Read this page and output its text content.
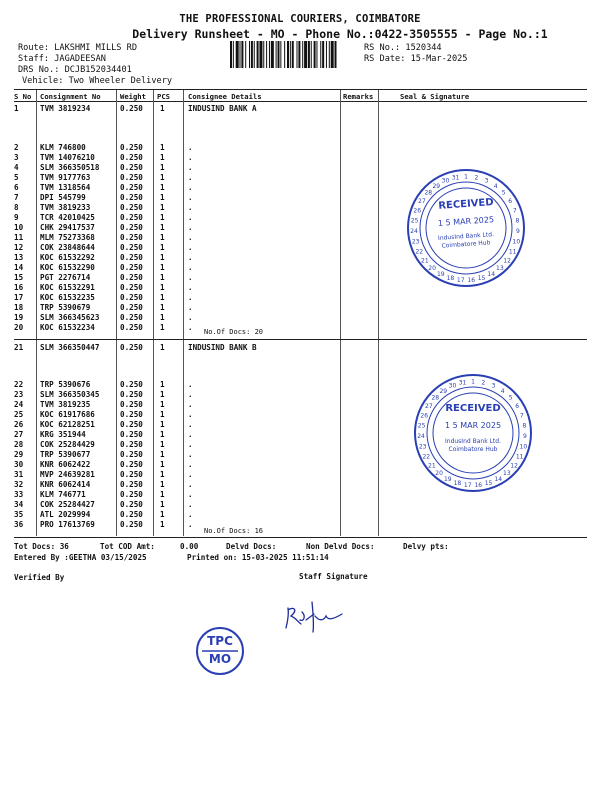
THE PROFESSIONAL COURIERS, COIMBATORE
Delivery Runsheet - MO - Phone No.:0422-3505555 - Page No.:1
Route: LAKSHMI MILLS RD
Staff: JAGADEESAN
DRS No.: DCJB152034401
Vehicle: Two Wheeler Delivery
RS No.: 1520344
RS Date: 15-Mar-2025
S No Consignment No	Weight PCS	Consignee Details	Remarks	Seal & Signature
1	TVM 3819234	0.250 1	INDUSIND BANK A
2	KLM 746800	0.250 1	.
3	TVM 14076210	0.250 1	.
4	SLM 366350518	0.250 1	.
5	TVM 9177763	0.250 1	.
6	TVM 1318564	0.250 1	.
7	DPI 545799	0.250 1	.
8	TVM 3819233	0.250 1	.
9	TCR 42010425	0.250 1	.
10 CHK 29417537	0.250 1	.
11 MLM 75273368	0.250 1	.
12 COK 23848644	0.250 1	.
13 KOC 61532292	0.250 1	.
14 KOC 61532290	0.250 1	.
15 PGT 2276714	0.250 1	.
16 KOC 61532291	0.250 1	.
17 KOC 61532235	0.250 1	.
18 TRP 5390679	0.250 1	.
19 SLM 366345623	0.250 1	.
20 KOC 61532234	0.250 1	. No.Of Docs: 20
21 SLM 366350447	0.250 1	INDUSIND BANK B
22 TRP 5390676	0.250 1	.
23 SLM 366350345	0.250 1	.
24 TVM 3819235	0.250 1	.
25 KOC 61917686	0.250 1	.
26 KOC 62128251	0.250 1	.
27 KRG 351944	0.250 1	.
28 COK 25284429	0.250 1	.
29 TRP 5390677	0.250 1	.
30 KNR 6062422	0.250 1	.
31 MVP 24639281	0.250 1	.
32 KNR 6062414	0.250 1	.
33 KLM 746771	0.250 1	.
34 COK 25284427	0.250 1	.
35 ATL 2029994	0.250 1	.
36 PRO 17613769	0.250 1	.
No.Of Docs: 16
Tot Docs: 36	Tot COD Amt:	0.00	Delvd Docs:	Non Delvd Docs:	Delvy pts:
Entered By :GEETHA 03/15/2025	Printed on: 15-03-2025 11:51:14
Verified By	Staff Signature
TPC
MO
1 2 3
4
5
6
7
8
9
10
11
12
13
14
15
16
17
18
19
20
21
22
23
24
25
26
27
28
29
30 31
RECEIVED
1 5 MAR 2025
IndusInd Bank Ltd.
Coimbatore Hub
1 2 3
4
5
6
7
8
9
10
11
12
13
14
15
16
17
18
19
20
21
22
23
24
25
26
27
28
29
30 31
RECEIVED
1 5 MAR 2025
IndusInd Bank Ltd.
Coimbatore Hub
